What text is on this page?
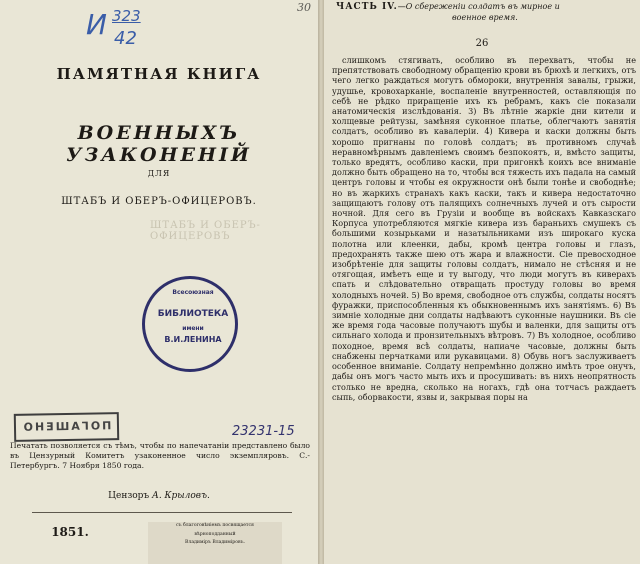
И 323
42
30
ПАМЯТНАЯ КНИГА
ВОЕННЫХЪ УЗАКОНЕНІЙ
ДЛЯ
ШТАБЪ И ОБЕРЪ-ОФИЦЕРОВЪ.
ШТАБЪ И ОБЕРЪ-ОФИЦЕРОВЪ
Всесоюзная
БИБЛИОТЕКА
имени
В.И.ЛЕНИНА
23231-15
ПОГАШЕНО
Печатать позволяется съ тѣмъ, чтобы по напечатаніи представлено было въ Цензурный Комитетъ узаконенное число экземпляровъ. С.-Петербургъ. 7 Ноября 1850 года.
Цензоръ А. Крыловъ.
1851.	съ благоговѣніемъ посвящается
вѣрноподданный
Владиміръ Владиміровъ.
ЧАСТЬ IV.—О сбереженіи солдатъ въ мирное и
военное время.
26

слишкомъ стягивать, особливо въ перехватъ, чтобы не препятствовать свободному обращенію крови въ брюхѣ и легкихъ, отъ чего легко раждаться могутъ обмороки, внутреннія завалы, грыжи, удушье, кровохарканіе, воспаленіе внутренностей, оставляющія по себѣ не рѣдко приращеніе ихъ къ ребрамъ, какъ сіе показали анатомическія изслѣдованія. 3) Въ лѣтніе жаркіе дни кители и холщевые рейтузы, замѣняя суконное платье, облегчаютъ занятія солдатъ, особливо въ кавалеріи. 4) Кивера и каски должны быть хорошо пригнаны по головѣ солдатъ; въ противномъ случаѣ неравномѣрнымъ давленіемъ своимъ безпокоятъ, и, вмѣсто защиты, только вредятъ, особливо каски, при пригонкѣ коихъ все вниманіе должно быть обращено на то, чтобы вся тяжесть ихъ падала на самый центръ головы и чтобы ея окружности онѣ были тонѣе и свободнѣе; но въ жаркихъ странахъ какъ каски, такъ и кивера недостаточно защищаютъ голову отъ палящихъ солнечныхъ лучей и отъ сырости ночной. Для сего въ Грузіи и вообще въ войскахъ Кавказскаго Корпуса употребляются мягкіе кивера изъ бараньихъ смушекъ съ большими козырьками и назатыльниками изъ широкаго куска полотна или клеенки, дабы, кромѣ центра головы и глазъ, предохранять также шею отъ жара и влажности. Сіе превосходное изобрѣтеніе для защиты головы солдатъ, нимало не стѣсняя и не отягощая, имѣетъ еще и ту выгоду, что люди могутъ въ киверахъ спать и слѣдовательно отвращать простуду головы во время холодныхъ ночей. 5) Во время, свободное отъ службы, солдаты носятъ фуражки, приспособленныя къ обыкновеннымъ ихъ занятіямъ. 6) Въ зимніе холодные дни солдаты надѣваютъ суконные наушники. Въ сіе же время года часовые получаютъ шубы и валенки, для защиты отъ сильнаго холода и пронзительныхъ вѣтровъ. 7) Въ холодное, особливо походное, время всѣ солдаты, напиаче часовые, должны быть снабжены перчатками или рукавицами. 8) Обувь ногъ заслуживаетъ особенное вниманіе. Солдату непремѣнно должно имѣть трое онучъ, дабы онъ могъ часто мыть ихъ и просушивать: въ нихъ неопрятность столько не вредна, сколько на ногахъ, гдѣ она тотчасъ раждаетъ сыпь, оборвакости, язвы и, закрывая поры на
